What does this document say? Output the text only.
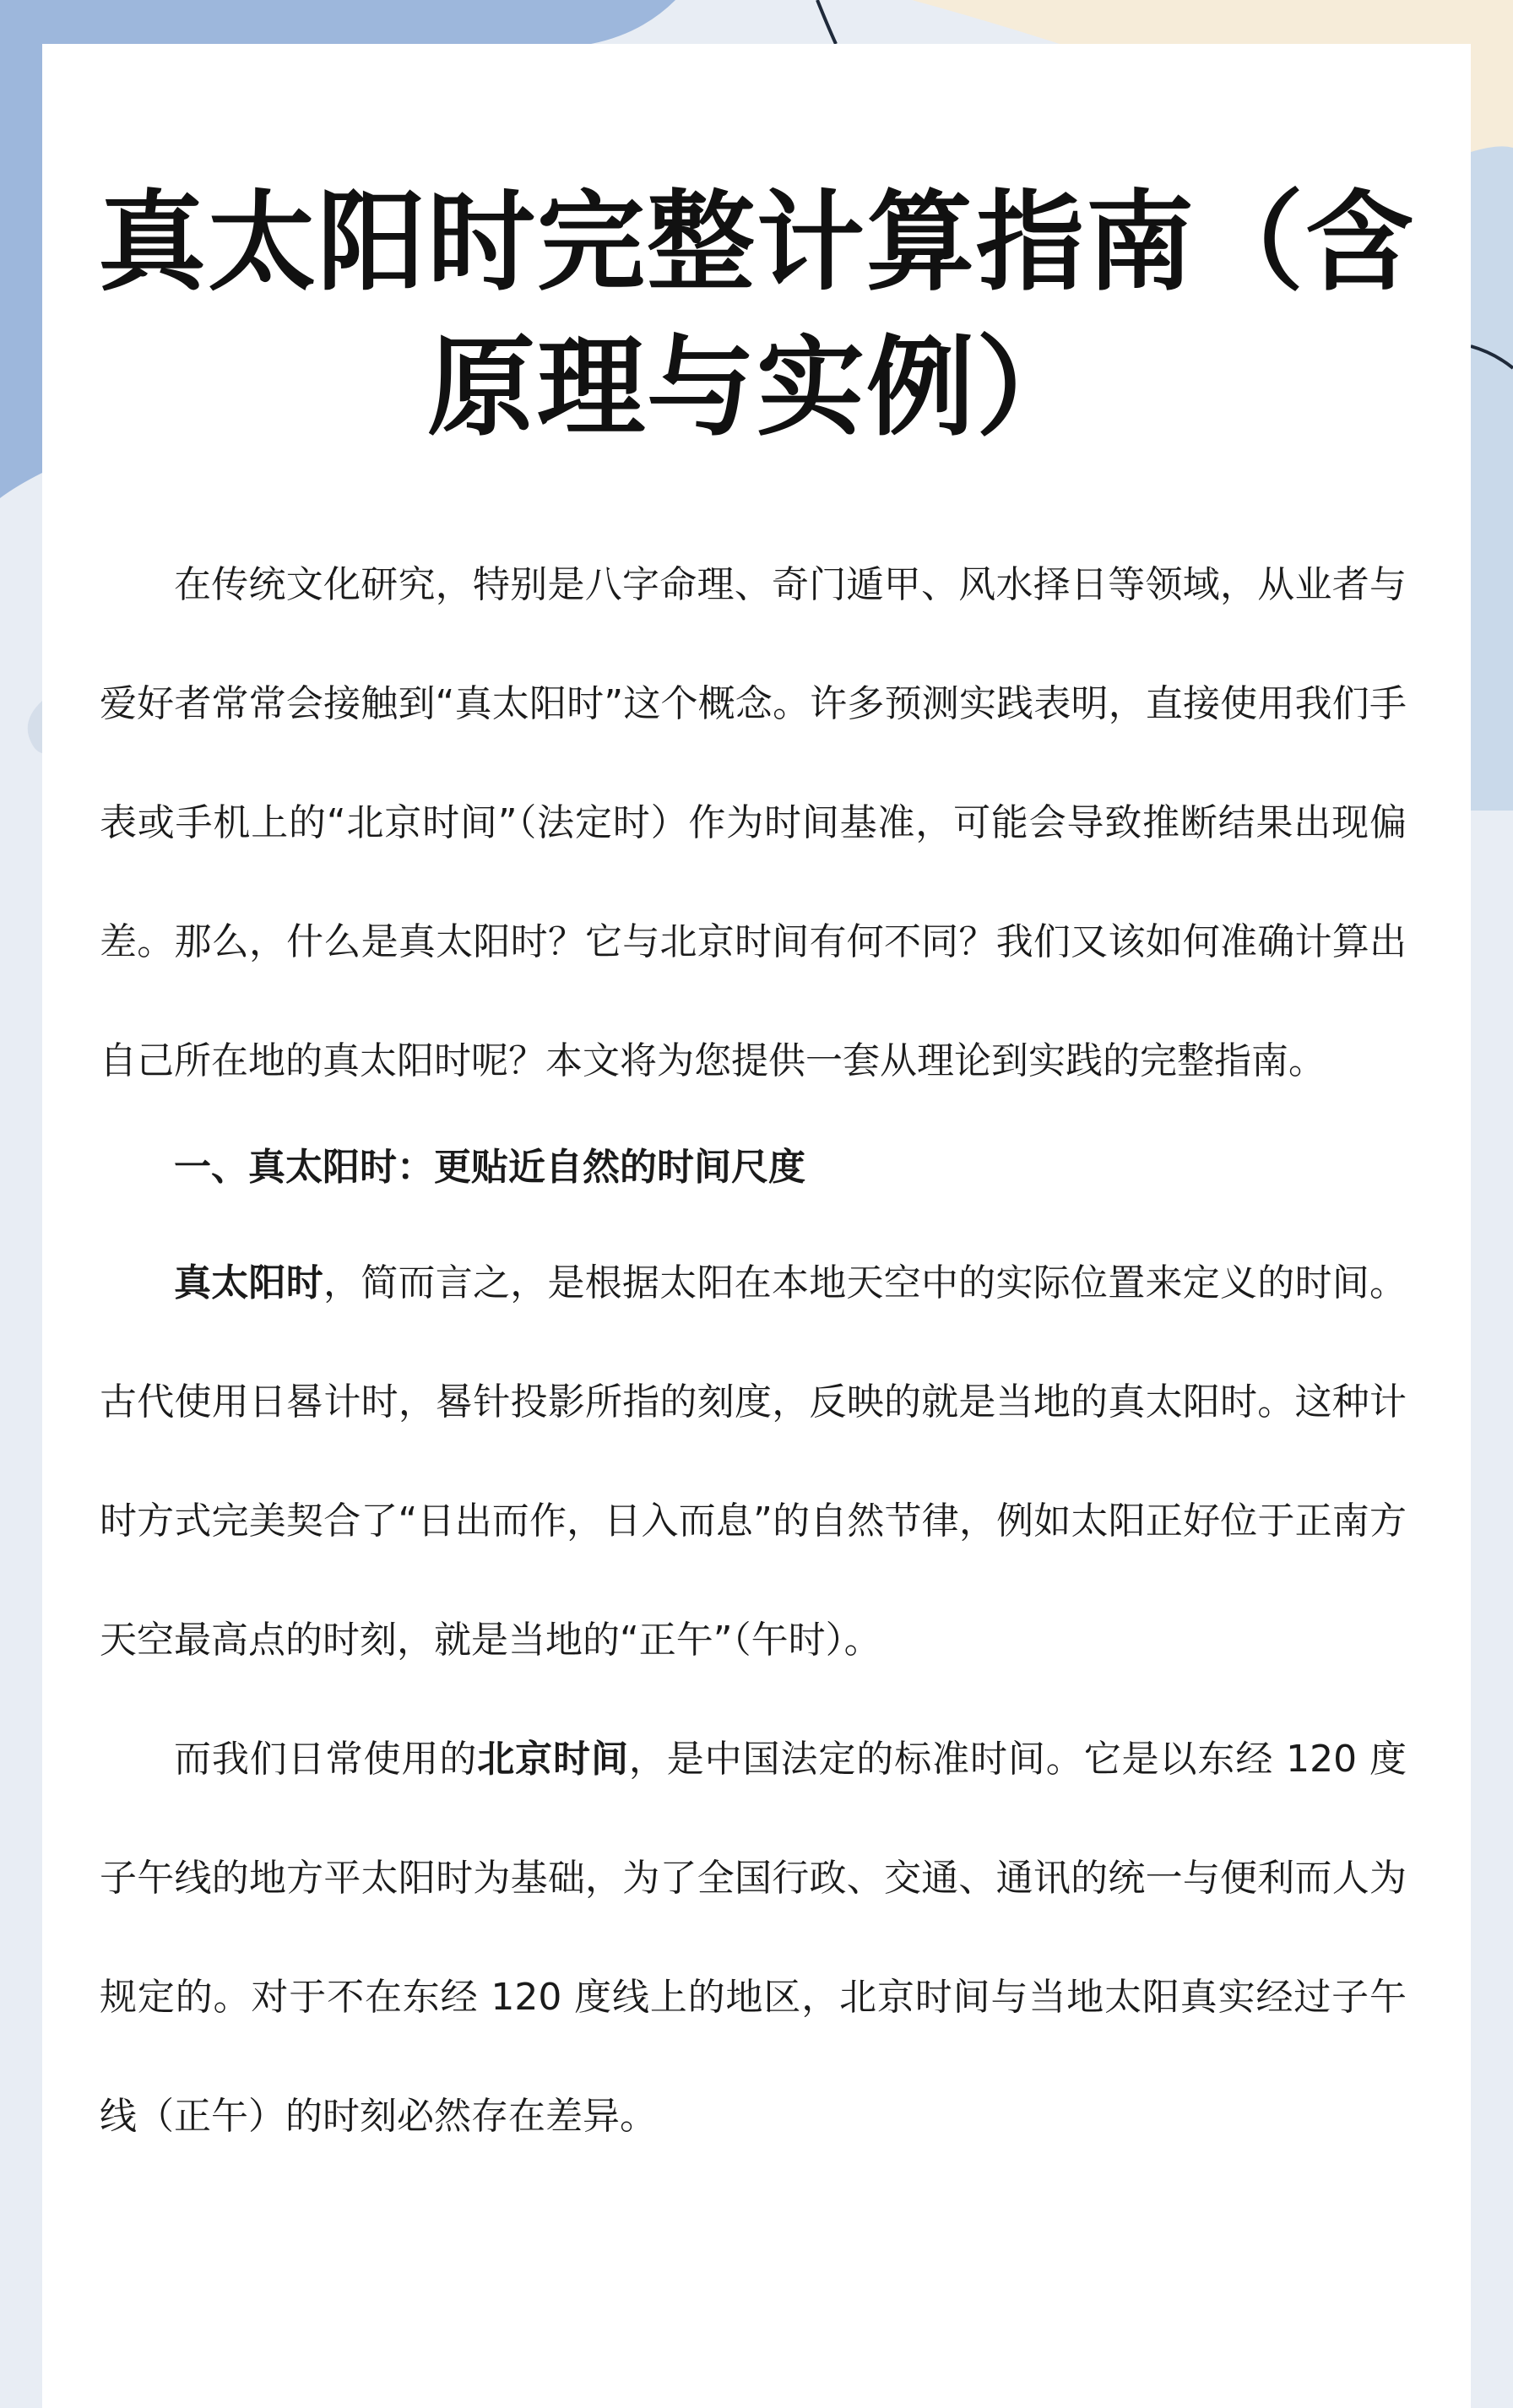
真太阳时完整计算指南（含原理与实例）

在传统文化研究，特别是八字命理、奇门遁甲、风水择日等领域，从业者与爱好者常常会接触到“真太阳时”这个概念。许多预测实践表明，直接使用我们手表或手机上的“北京时间”（法定时）作为时间基准，可能会导致推断结果出现偏差。那么，什么是真太阳时？它与北京时间有何不同？我们又该如何准确计算出自己所在地的真太阳时呢？本文将为您提供一套从理论到实践的完整指南。

一、真太阳时：更贴近自然的时间尺度

真太阳时，简而言之，是根据太阳在本地天空中的实际位置来定义的时间。古代使用日晷计时，晷针投影所指的刻度，反映的就是当地的真太阳时。这种计时方式完美契合了“日出而作，日入而息”的自然节律，例如太阳正好位于正南方天空最高点的时刻，就是当地的“正午”（午时）。

而我们日常使用的北京时间，是中国法定的标准时间。它是以东经 120 度子午线的地方平太阳时为基础，为了全国行政、交通、通讯的统一与便利而人为规定的。对于不在东经 120 度线上的地区，北京时间与当地太阳真实经过子午线（正午）的时刻必然存在差异。
